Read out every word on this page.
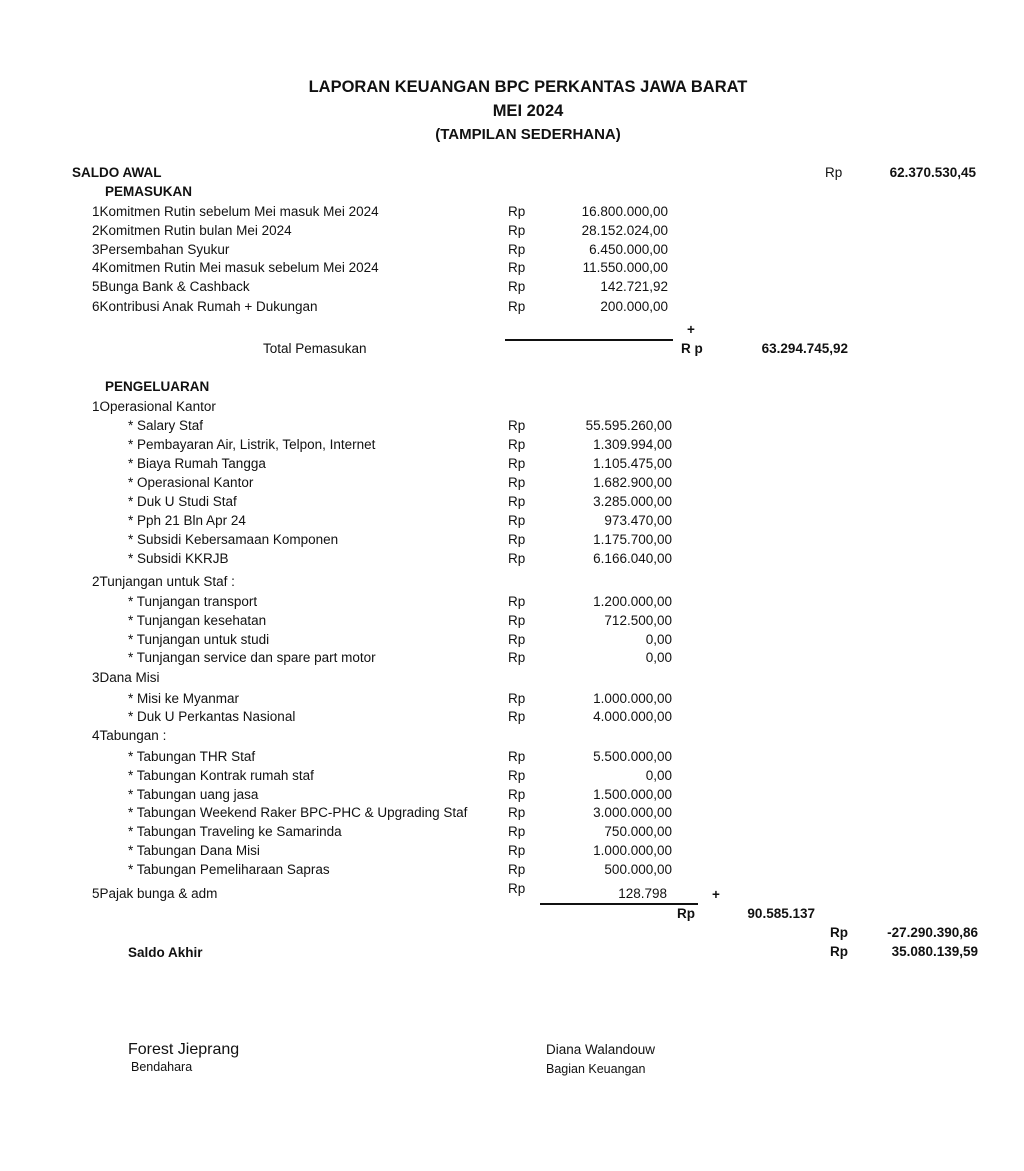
LAPORAN KEUANGAN BPC PERKANTAS JAWA BARAT
MEI 2024
(TAMPILAN SEDERHANA)
SALDO AWAL	Rp	62.370.530,45
PEMASUKAN
1Komitmen Rutin sebelum Mei masuk Mei 2024	Rp	16.800.000,00
2Komitmen Rutin bulan Mei 2024	Rp	28.152.024,00
3Persembahan Syukur	Rp	6.450.000,00
4Komitmen Rutin Mei masuk sebelum Mei 2024	Rp	11.550.000,00
5Bunga Bank & Cashback	Rp	142.721,92
6Kontribusi Anak Rumah + Dukungan	Rp	200.000,00
+
Total Pemasukan	R p	63.294.745,92
PENGELUARAN
1Operasional Kantor
* Salary Staf	Rp	55.595.260,00
* Pembayaran Air, Listrik, Telpon, Internet	Rp	1.309.994,00
* Biaya Rumah Tangga	Rp	1.105.475,00
* Operasional Kantor	Rp	1.682.900,00
* Duk U Studi Staf	Rp	3.285.000,00
* Pph 21 Bln Apr 24	Rp	973.470,00
* Subsidi Kebersamaan Komponen	Rp	1.175.700,00
* Subsidi KKRJB	Rp	6.166.040,00
2Tunjangan untuk Staf :
* Tunjangan transport	Rp	1.200.000,00
* Tunjangan kesehatan	Rp	712.500,00
* Tunjangan untuk studi	Rp	0,00
* Tunjangan service dan spare part motor	Rp	0,00
3Dana Misi
* Misi ke Myanmar	Rp	1.000.000,00
* Duk U Perkantas Nasional	Rp	4.000.000,00
4Tabungan :
* Tabungan THR Staf	Rp	5.500.000,00
* Tabungan Kontrak rumah staf	Rp	0,00
* Tabungan uang jasa	Rp	1.500.000,00
* Tabungan Weekend Raker BPC-PHC & Upgrading Staf	Rp	3.000.000,00
* Tabungan Traveling ke Samarinda	Rp	750.000,00
* Tabungan Dana Misi	Rp	1.000.000,00
* Tabungan Pemeliharaan Sapras	Rp	500.000,00
5Pajak bunga & adm	Rp	128.798	+
Rp	90.585.137
Rp	-27.290.390,86
Saldo Akhir	Rp	35.080.139,59
Forest Jieprang
Bendahara
Diana Walandouw
Bagian Keuangan
